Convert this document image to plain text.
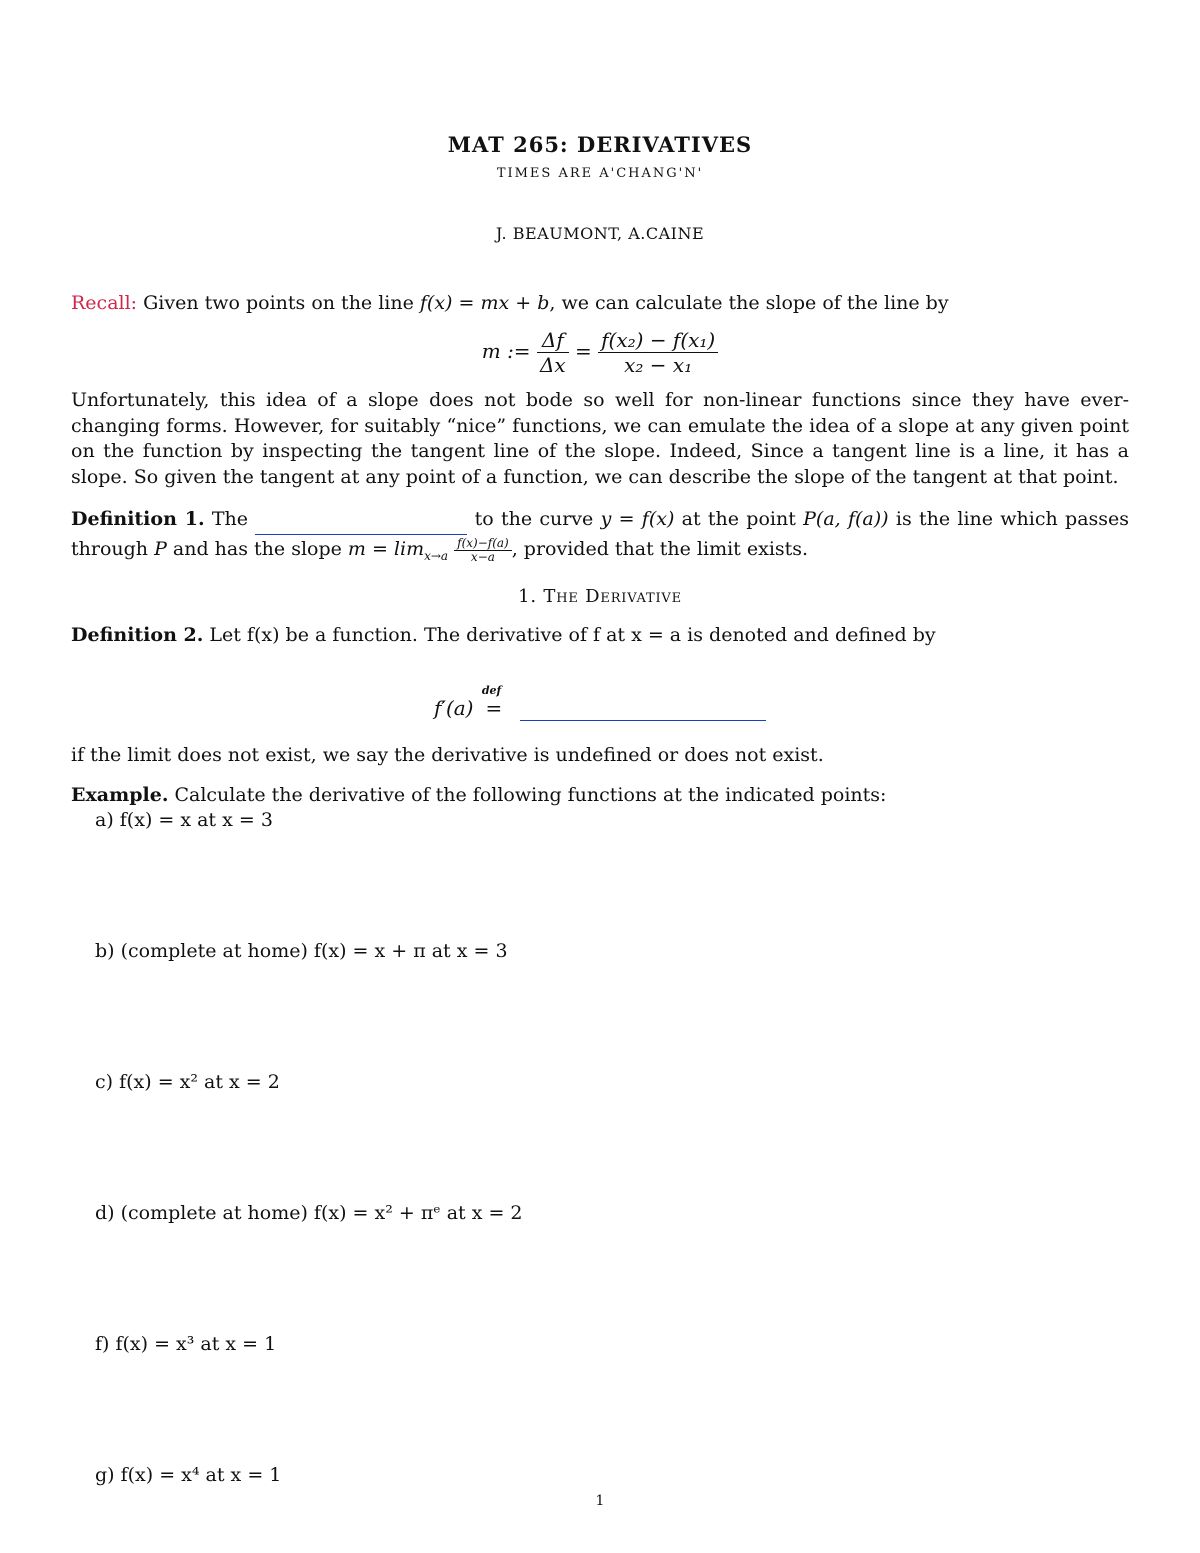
MAT 265: DERIVATIVES
TIMES ARE A'CHANG'N'
J. BEAUMONT, A.CAINE
Recall: Given two points on the line f(x) = mx + b, we can calculate the slope of the line by
m := $\frac{\Delta f}{\Delta x} = \frac{\text{f(x₂) − f(x₁)}}{\text{x₂ − x₁}}$
Unfortunately, this idea of a slope does not bode so well for non-linear functions since they have ever-changing forms. However, for suitably “nice” functions, we can emulate the idea of a slope at any given point on the function by inspecting the tangent line of the slope. Indeed, Since a tangent line is a line, it has a slope. So given the tangent at any point of a function, we can describe the slope of the tangent at that point.
Definition 1. The	to the curve y = f(x) at the point P(a, f(a)) is the line which passes through P and has the slope $m = \lim_{x\to a} \frac{f(x)-f(a)}{x-a}$ , provided that the limit exists.
1. The Derivative
Definition 2. Let f(x) be a function. The derivative of f at x = a is denoted and defined by
f′(a)
def
=
if the limit does not exist, we say the derivative is undefined or does not exist.
Example. Calculate the derivative of the following functions at the indicated points:
a) f(x) = x at x = 3
b) (complete at home) f(x) = x + π at x = 3
c) f(x) = x² at x = 2
d) (complete at home) f(x) = x² + πᵉ at x = 2
f) f(x) = x³ at x = 1
g) f(x) = x⁴ at x = 1
1
